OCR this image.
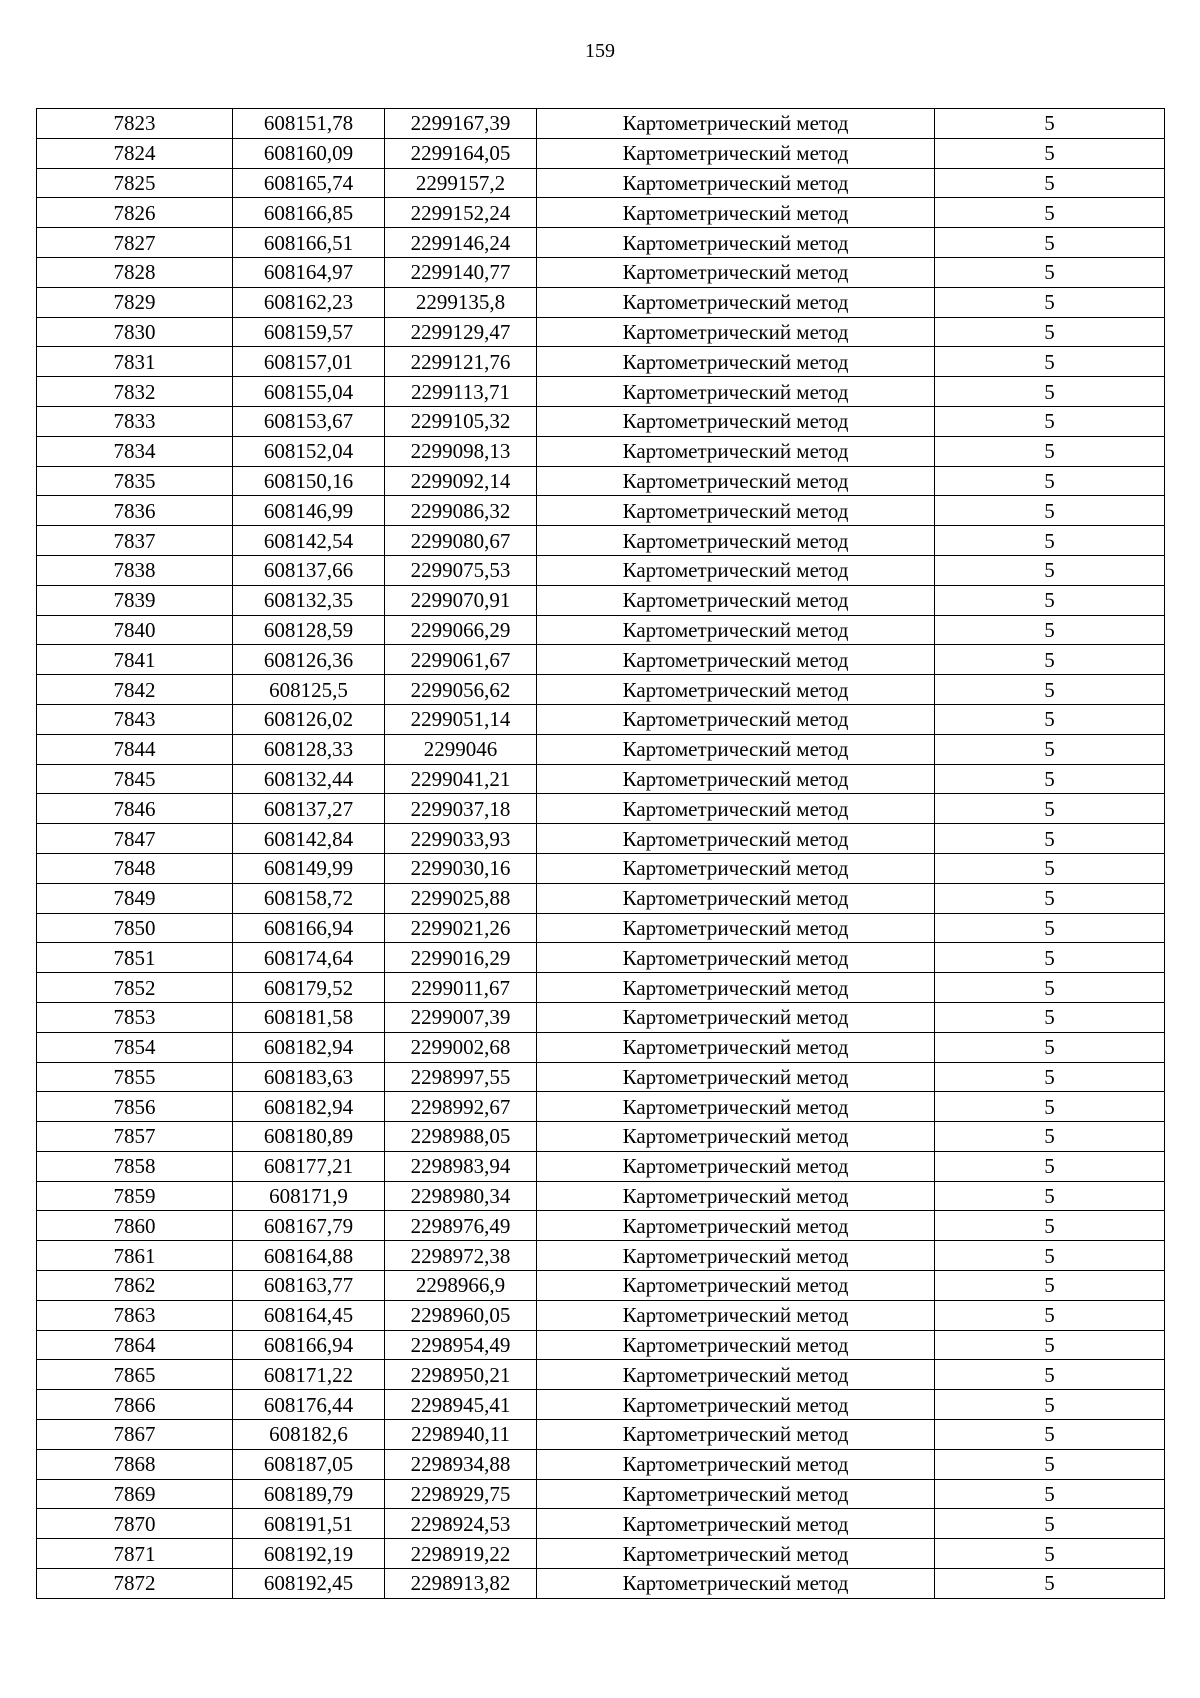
159
7823	608151,78	2299167,39	Картометрический метод	5
7824	608160,09	2299164,05	Картометрический метод	5
7825	608165,74	2299157,2	Картометрический метод	5
7826	608166,85	2299152,24	Картометрический метод	5
7827	608166,51	2299146,24	Картометрический метод	5
7828	608164,97	2299140,77	Картометрический метод	5
7829	608162,23	2299135,8	Картометрический метод	5
7830	608159,57	2299129,47	Картометрический метод	5
7831	608157,01	2299121,76	Картометрический метод	5
7832	608155,04	2299113,71	Картометрический метод	5
7833	608153,67	2299105,32	Картометрический метод	5
7834	608152,04	2299098,13	Картометрический метод	5
7835	608150,16	2299092,14	Картометрический метод	5
7836	608146,99	2299086,32	Картометрический метод	5
7837	608142,54	2299080,67	Картометрический метод	5
7838	608137,66	2299075,53	Картометрический метод	5
7839	608132,35	2299070,91	Картометрический метод	5
7840	608128,59	2299066,29	Картометрический метод	5
7841	608126,36	2299061,67	Картометрический метод	5
7842	608125,5	2299056,62	Картометрический метод	5
7843	608126,02	2299051,14	Картометрический метод	5
7844	608128,33	2299046	Картометрический метод	5
7845	608132,44	2299041,21	Картометрический метод	5
7846	608137,27	2299037,18	Картометрический метод	5
7847	608142,84	2299033,93	Картометрический метод	5
7848	608149,99	2299030,16	Картометрический метод	5
7849	608158,72	2299025,88	Картометрический метод	5
7850	608166,94	2299021,26	Картометрический метод	5
7851	608174,64	2299016,29	Картометрический метод	5
7852	608179,52	2299011,67	Картометрический метод	5
7853	608181,58	2299007,39	Картометрический метод	5
7854	608182,94	2299002,68	Картометрический метод	5
7855	608183,63	2298997,55	Картометрический метод	5
7856	608182,94	2298992,67	Картометрический метод	5
7857	608180,89	2298988,05	Картометрический метод	5
7858	608177,21	2298983,94	Картометрический метод	5
7859	608171,9	2298980,34	Картометрический метод	5
7860	608167,79	2298976,49	Картометрический метод	5
7861	608164,88	2298972,38	Картометрический метод	5
7862	608163,77	2298966,9	Картометрический метод	5
7863	608164,45	2298960,05	Картометрический метод	5
7864	608166,94	2298954,49	Картометрический метод	5
7865	608171,22	2298950,21	Картометрический метод	5
7866	608176,44	2298945,41	Картометрический метод	5
7867	608182,6	2298940,11	Картометрический метод	5
7868	608187,05	2298934,88	Картометрический метод	5
7869	608189,79	2298929,75	Картометрический метод	5
7870	608191,51	2298924,53	Картометрический метод	5
7871	608192,19	2298919,22	Картометрический метод	5
7872	608192,45	2298913,82	Картометрический метод	5
